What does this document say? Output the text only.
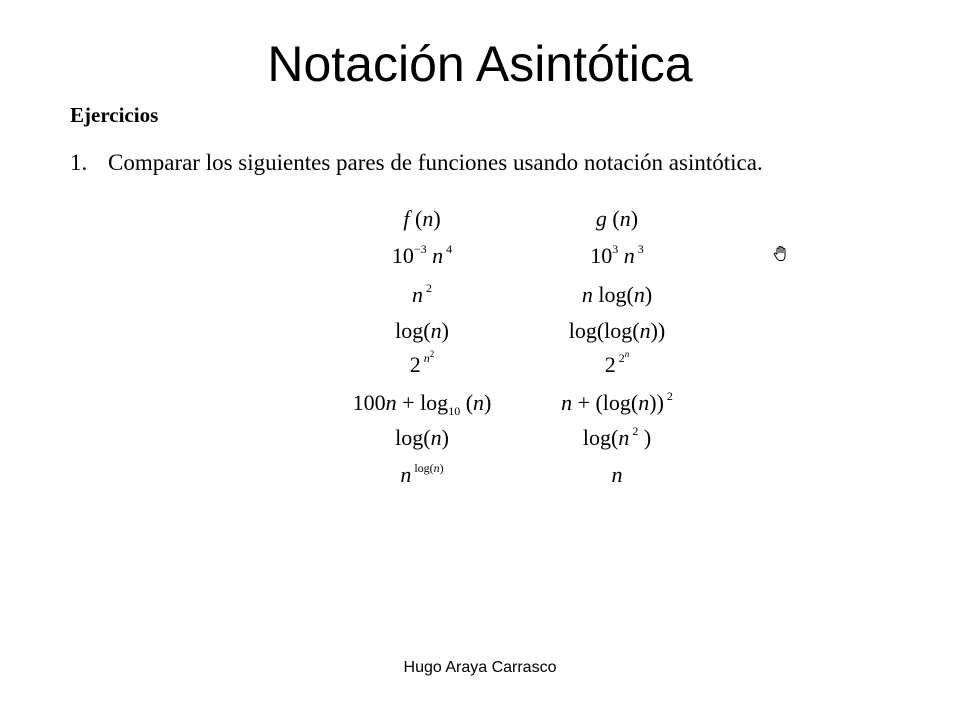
Notación Asintótica
Ejercicios
1. Comparar los siguientes pares de funciones usando notación asintótica.
f (n)	g (n)
$10^{-3}$ n $^4$	$10^3$ n $^3$
n $^2$	n log(n)
log(n)	log(log(n))
2 $^{n^2}$	2 $^{2^n}$
$100n + \log_{10} (n)$	n + (log(n)) $^2$
log(n)	log(n $^2$ )
n $^{log(n)}$	n
Hugo Araya Carrasco
